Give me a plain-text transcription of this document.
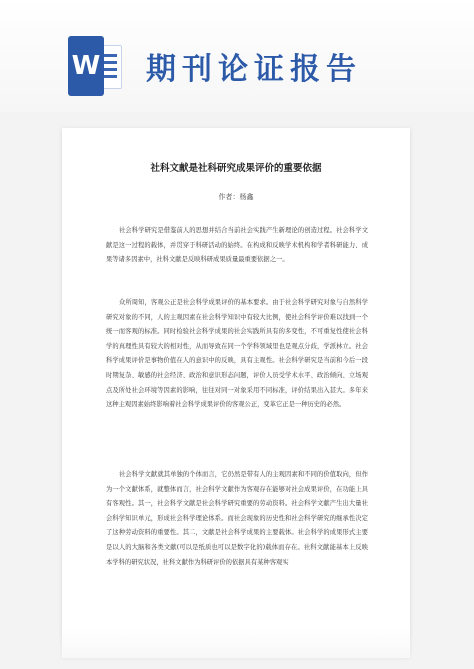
W 期刊论证报告
社科文献是社科研究成果评价的重要依据
作者：杨鑫

社会科学研究是借鉴前人的思想并结合当前社会实践产生新理论的创造过程。社会科学文献是这一过程的载体，并贯穿于科研活动的始终。在构成和反映学术机构和学者科研能力、成果等诸多因素中，社科文献是反映科研成果质量最重要依据之一。

众所周知，客观公正是社会科学成果评价的基本要求。由于社会科学研究对象与自然科学研究对象的不同，人的主观因素在社会科学知识中有较大比例，使社会科学评价难以找到一个统一而客观的标准。同时检验社会科学成果的社会实践所具有的多变性，不可重复性使社会科学的真理性具有较大的相对性，从而导致在同一个学科领域里也是观点分歧，学派林立。社会科学成果评价是事物价值在人的意识中的反映，具有主观性。社会科学研究是当前和今后一段时期复杂、敏感的社会经济、政治和意识形态问题，评价人员受学术水平、政治倾向、立场观点及所处社会环境等因素的影响，往往对同一对象采用不同标准，评价结果出入甚大。多年来这种主观因素始终影响着社会科学成果评价的客观公正，变革它正是一种历史的必然。

社会科学文献就其单独的个体而言，它仍然是带有人的主观因素和不同的价值取向，但作为一个文献体系，就整体而言，社会科学文献作为客观存在能够对社会成果评价，在功能上具有客观性。其一，社会科学文献是社会科学研究重要的劳动资料。社会科学文献产生出大量社会科学知识单元，形成社会科学理论体系。而社会现象的历史性和社会科学研究的继承性决定了这种劳动资料的重要性。其二，文献是社会科学成果的主要载体。社会科学的成果形式主要是以人的大脑和各类文献(可以是纸质也可以是数字化的)载体而存在。社科文献能基本上反映本学科的研究状况，社科文献作为科研评价的依据具有某种客观实
